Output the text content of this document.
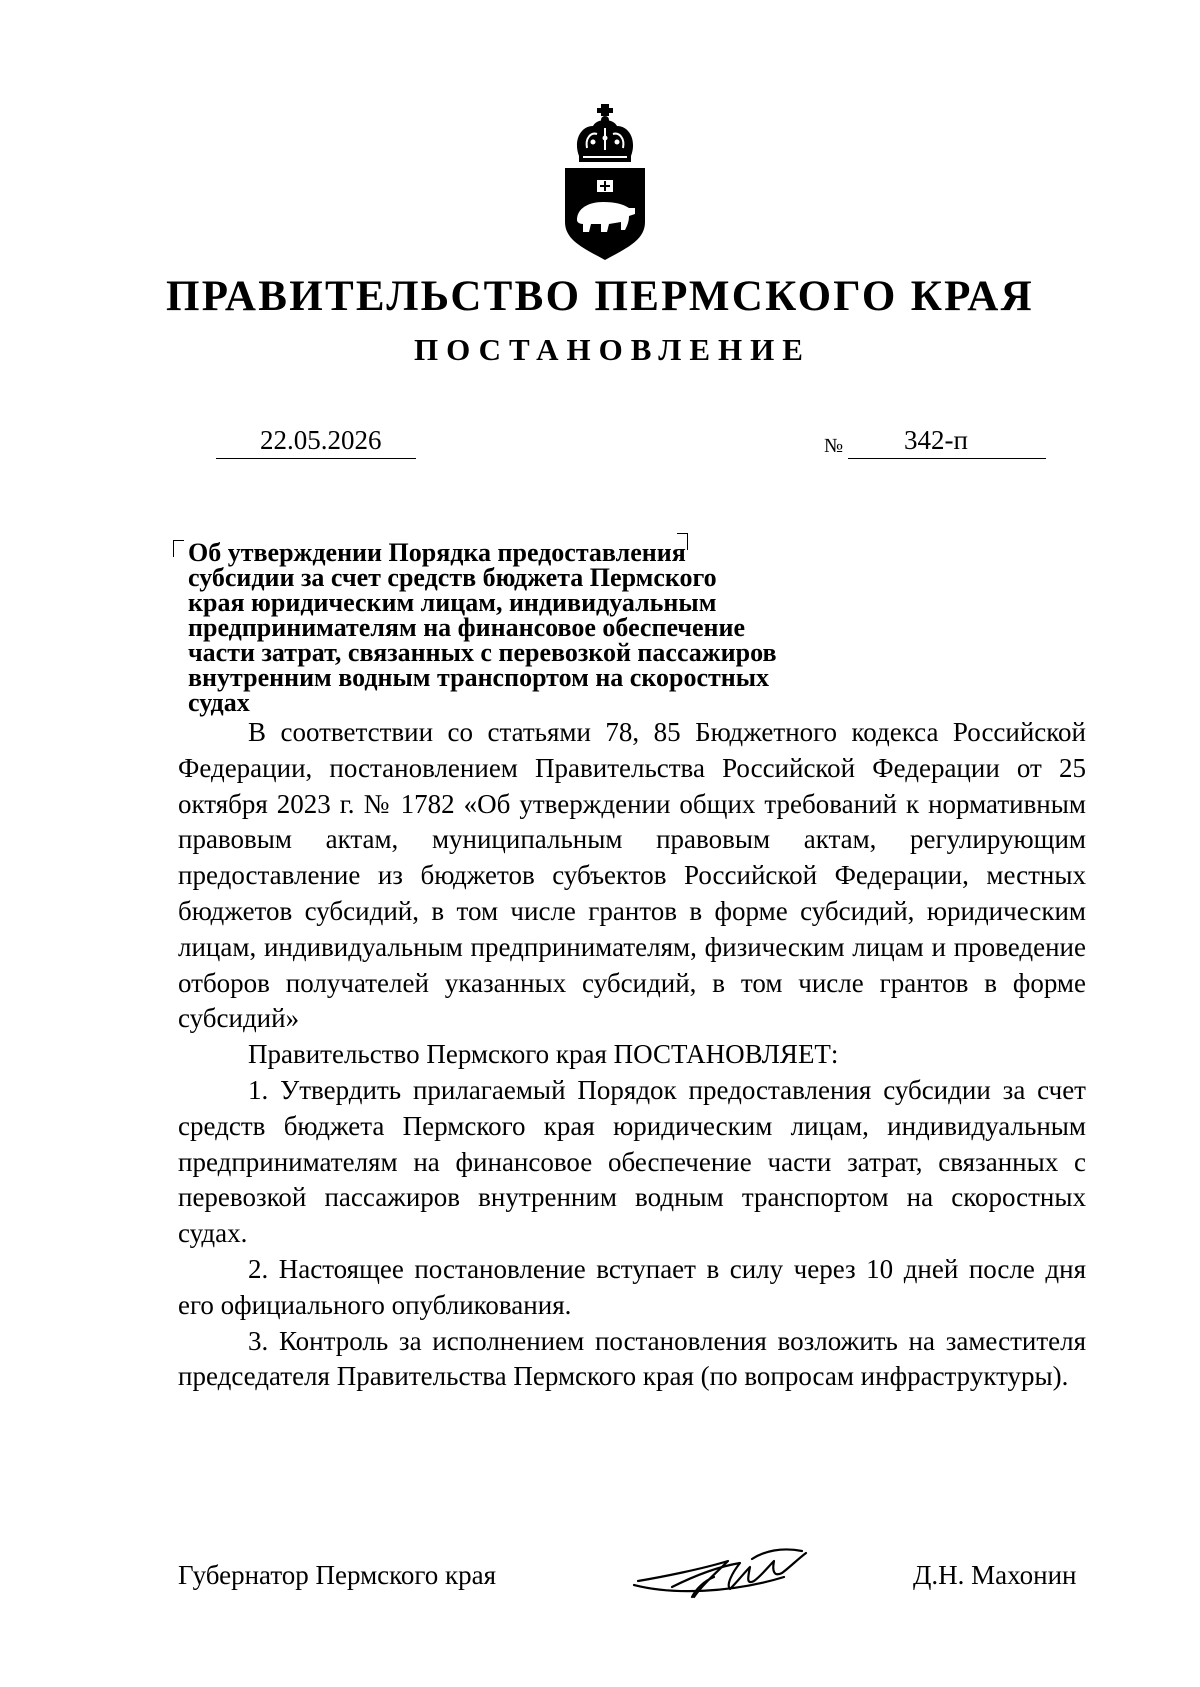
ПРАВИТЕЛЬСТВО ПЕРМСКОГО КРАЯ
ПОСТАНОВЛЕНИЕ
22.05.2026	№ 342-п
Об утверждении Порядка предоставления
субсидии за счет средств бюджета Пермского
края юридическим лицам, индивидуальным
предпринимателям на финансовое обеспечение
части затрат, связанных с перевозкой пассажиров
внутренним водным транспортом на скоростных
судах

В соответствии со статьями 78, 85 Бюджетного кодекса Российской Федерации, постановлением Правительства Российской Федерации от 25 октября 2023 г. № 1782 «Об утверждении общих требований к нормативным правовым актам, муниципальным правовым актам, регулирующим предоставление из бюджетов субъектов Российской Федерации, местных бюджетов субсидий, в том числе грантов в форме субсидий, юридическим лицам, индивидуальным предпринимателям, физическим лицам и проведение отборов получателей указанных субсидий, в том числе грантов в форме субсидий»

Правительство Пермского края ПОСТАНОВЛЯЕТ:

1. Утвердить прилагаемый Порядок предоставления субсидии за счет средств бюджета Пермского края юридическим лицам, индивидуальным предпринимателям на финансовое обеспечение части затрат, связанных с перевозкой пассажиров внутренним водным транспортом на скоростных судах.

2. Настоящее постановление вступает в силу через 10 дней после дня его официального опубликования.

3. Контроль за исполнением постановления возложить на заместителя председателя Правительства Пермского края (по вопросам инфраструктуры).

Губернатор Пермского края	Д.Н. Махонин
